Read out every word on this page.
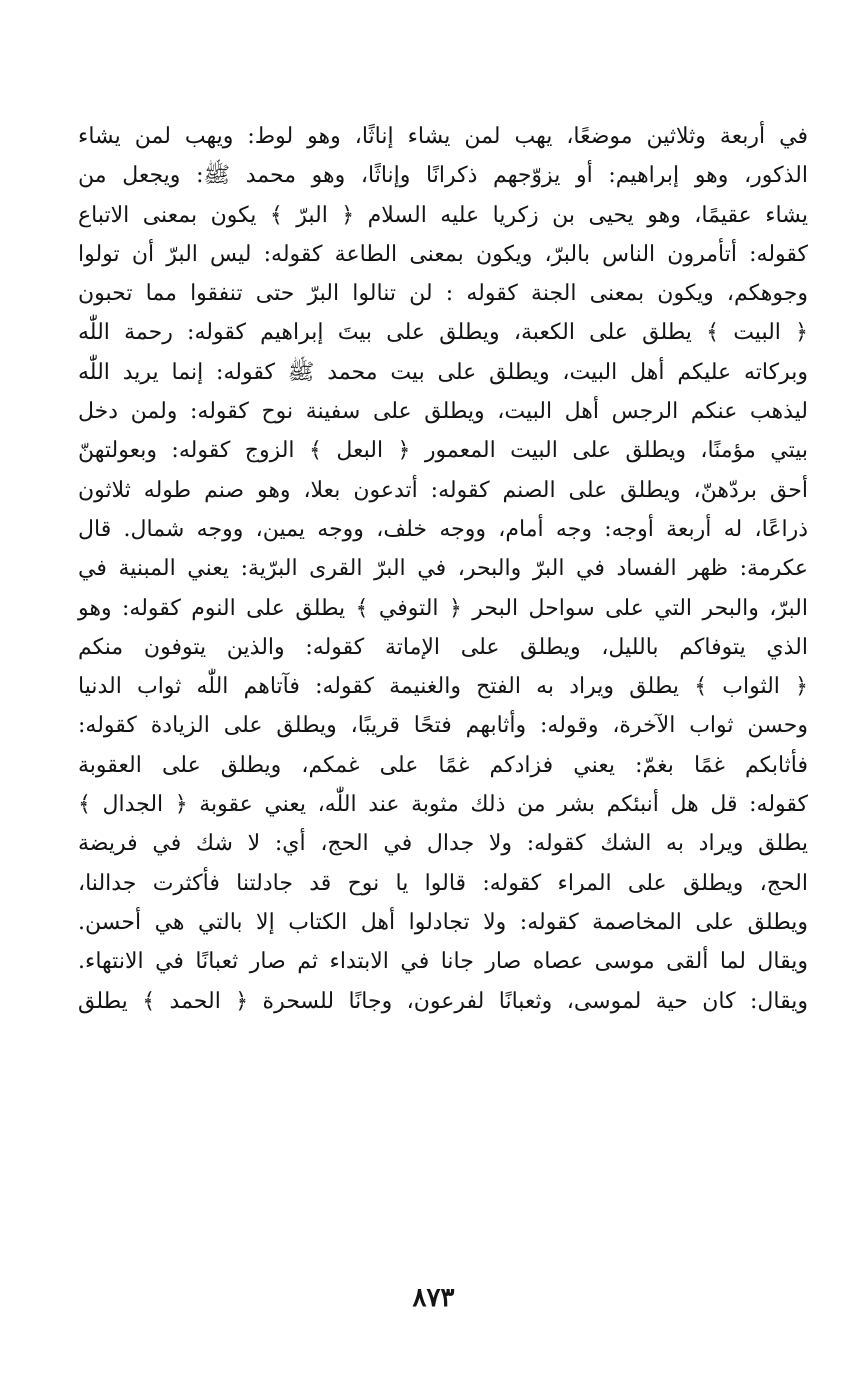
في أربعة وثلاثين موضعًا، يهب لمن يشاء إناثًا، وهو لوط: ويهب لمن يشاء
الذكور، وهو إبراهيم: أو يزوّجهم ذكرانًا وإناثًا، وهو محمد ﷺ: ويجعل من
يشاء عقيمًا، وهو يحيى بن زكريا عليه السلام ﴿ البرّ ﴾ يكون بمعنى الاتباع
كقوله: أتأمرون الناس بالبرّ، ويكون بمعنى الطاعة كقوله: ليس البرّ أن تولوا
وجوهكم، ويكون بمعنى الجنة كقوله : لن تنالوا البرّ حتى تنفقوا مما تحبون
﴿ البيت ﴾ يطلق على الكعبة، ويطلق على بيتَ إبراهيم كقوله: رحمة اللّٰه
وبركاته عليكم أهل البيت، ويطلق على بيت محمد ﷺ كقوله: إنما يريد اللّٰه
ليذهب عنكم الرجس أهل البيت، ويطلق على سفينة نوح كقوله: ولمن دخل
بيتي مؤمنًا، ويطلق على البيت المعمور ﴿ البعل ﴾ الزوج كقوله: وبعولتهنّ
أحق بردّهنّ، ويطلق على الصنم كقوله: أتدعون بعلا، وهو صنم طوله ثلاثون
ذراعًا، له أربعة أوجه: وجه أمام، ووجه خلف، ووجه يمين، ووجه شمال. قال
عكرمة: ظهر الفساد في البرّ والبحر، في البرّ القرى البرّية: يعني المبنية في
البرّ، والبحر التي على سواحل البحر ﴿ التوفي ﴾ يطلق على النوم كقوله: وهو
الذي يتوفاكم بالليل، ويطلق على الإماتة كقوله: والذين يتوفون منكم
﴿ الثواب ﴾ يطلق ويراد به الفتح والغنيمة كقوله: فآتاهم اللّٰه ثواب الدنيا
وحسن ثواب الآخرة، وقوله: وأثابهم فتحًا قريبًا، ويطلق على الزيادة كقوله:
فأثابكم غمًا بغمّ: يعني فزادكم غمًا على غمكم، ويطلق على العقوبة
كقوله: قل هل أنبئكم بشر من ذلك مثوبة عند اللّٰه، يعني عقوبة ﴿ الجدال ﴾
يطلق ويراد به الشك كقوله: ولا جدال في الحج، أي: لا شك في فريضة
الحج، ويطلق على المراء كقوله: قالوا يا نوح قد جادلتنا فأكثرت جدالنا،
ويطلق على المخاصمة كقوله: ولا تجادلوا أهل الكتاب إلا بالتي هي أحسن.
ويقال لما ألقى موسى عصاه صار جانا في الابتداء ثم صار ثعبانًا في الانتهاء.
ويقال: كان حية لموسى، وثعبانًا لفرعون، وجانًا للسحرة ﴿ الحمد ﴾ يطلق
٨٧٣
